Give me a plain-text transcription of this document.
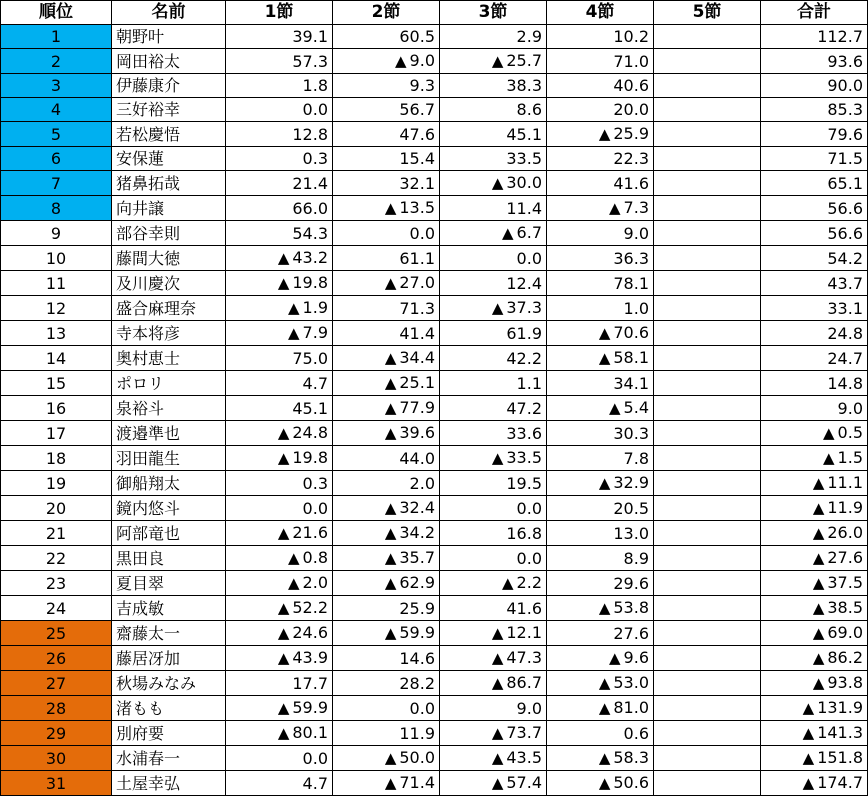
順位	名前	1節	2節	3節	4節	5節	合計
1	朝野叶	39.1	60.5	2.9	10.2		112.7
2	岡田裕太	57.3	▲ 9.0	▲ 25.7	71.0		93.6
3	伊藤康介	1.8	9.3	38.3	40.6		90.0
4	三好裕幸	0.0	56.7	8.6	20.0		85.3
5	若松慶悟	12.8	47.6	45.1	▲ 25.9		79.6
6	安保蓮	0.3	15.4	33.5	22.3		71.5
7	猪鼻拓哉	21.4	32.1	▲ 30.0	41.6		65.1
8	向井譲	66.0	▲ 13.5	11.4	▲ 7.3		56.6
9	部谷幸則	54.3	0.0	▲ 6.7	9.0		56.6
10	藤間大徳	▲ 43.2	61.1	0.0	36.3		54.2
11	及川慶次	▲ 19.8	▲ 27.0	12.4	78.1		43.7
12	盛合麻理奈	▲ 1.9	71.3	▲ 37.3	1.0		33.1
13	寺本将彦	▲ 7.9	41.4	61.9	▲ 70.6		24.8
14	奥村恵士	75.0	▲ 34.4	42.2	▲ 58.1		24.7
15	ポロリ	4.7	▲ 25.1	1.1	34.1		14.8
16	泉裕斗	45.1	▲ 77.9	47.2	▲ 5.4		9.0
17	渡邉準也	▲ 24.8	▲ 39.6	33.6	30.3		▲ 0.5
18	羽田龍生	▲ 19.8	44.0	▲ 33.5	7.8		▲ 1.5
19	御船翔太	0.3	2.0	19.5	▲ 32.9		▲ 11.1
20	鏡内悠斗	0.0	▲ 32.4	0.0	20.5		▲ 11.9
21	阿部竜也	▲ 21.6	▲ 34.2	16.8	13.0		▲ 26.0
22	黒田良	▲ 0.8	▲ 35.7	0.0	8.9		▲ 27.6
23	夏目翠	▲ 2.0	▲ 62.9	▲ 2.2	29.6		▲ 37.5
24	吉成敏	▲ 52.2	25.9	41.6	▲ 53.8		▲ 38.5
25	齋藤太一	▲ 24.6	▲ 59.9	▲ 12.1	27.6		▲ 69.0
26	藤居冴加	▲ 43.9	14.6	▲ 47.3	▲ 9.6		▲ 86.2
27	秋場みなみ	17.7	28.2	▲ 86.7	▲ 53.0		▲ 93.8
28	渚もも	▲ 59.9	0.0	9.0	▲ 81.0		▲ 131.9
29	別府要	▲ 80.1	11.9	▲ 73.7	0.6		▲ 141.3
30	水浦春一	0.0	▲ 50.0	▲ 43.5	▲ 58.3		▲ 151.8
31	土屋幸弘	4.7	▲ 71.4	▲ 57.4	▲ 50.6		▲ 174.7
